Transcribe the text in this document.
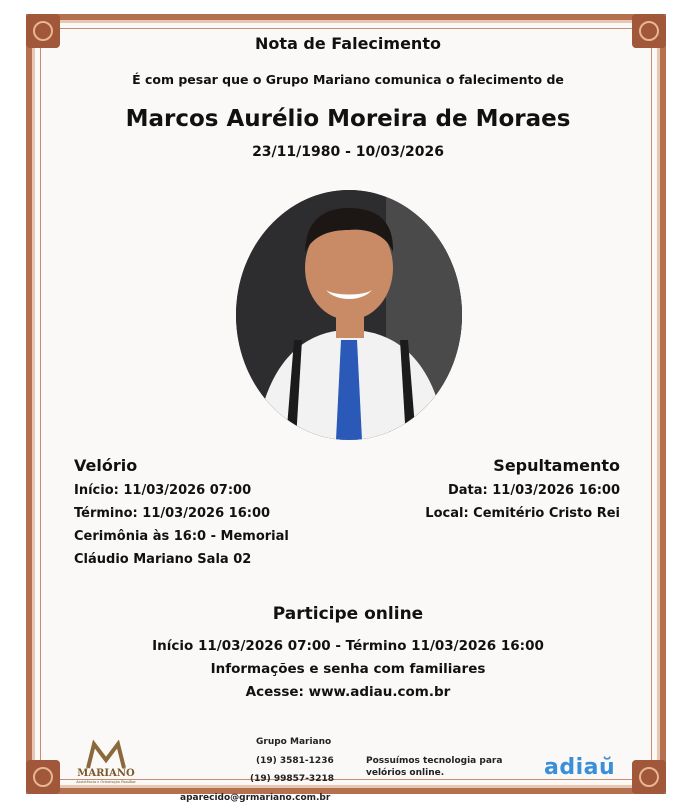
Nota de Falecimento
É com pesar que o Grupo Mariano comunica o falecimento de
Marcos Aurélio Moreira de Moraes
23/11/1980 - 10/03/2026
Velório
Início: 11/03/2026 07:00
Término: 11/03/2026 16:00
Cerimônia às 16:0 - Memorial
Cláudio Mariano Sala 02
Sepultamento
Data: 11/03/2026 16:00
Local: Cemitério Cristo Rei
Participe online
Início 11/03/2026 07:00 - Término 11/03/2026 16:00
Informações e senha com familiares
Acesse: www.adiau.com.br
MARIANO
Assistência e Orientação Familiar
Grupo Mariano
(19) 3581-1236
(19) 99857-3218
aparecido@grmariano.com.br
Possuímos tecnologia para
velórios online.	adiaŭ
